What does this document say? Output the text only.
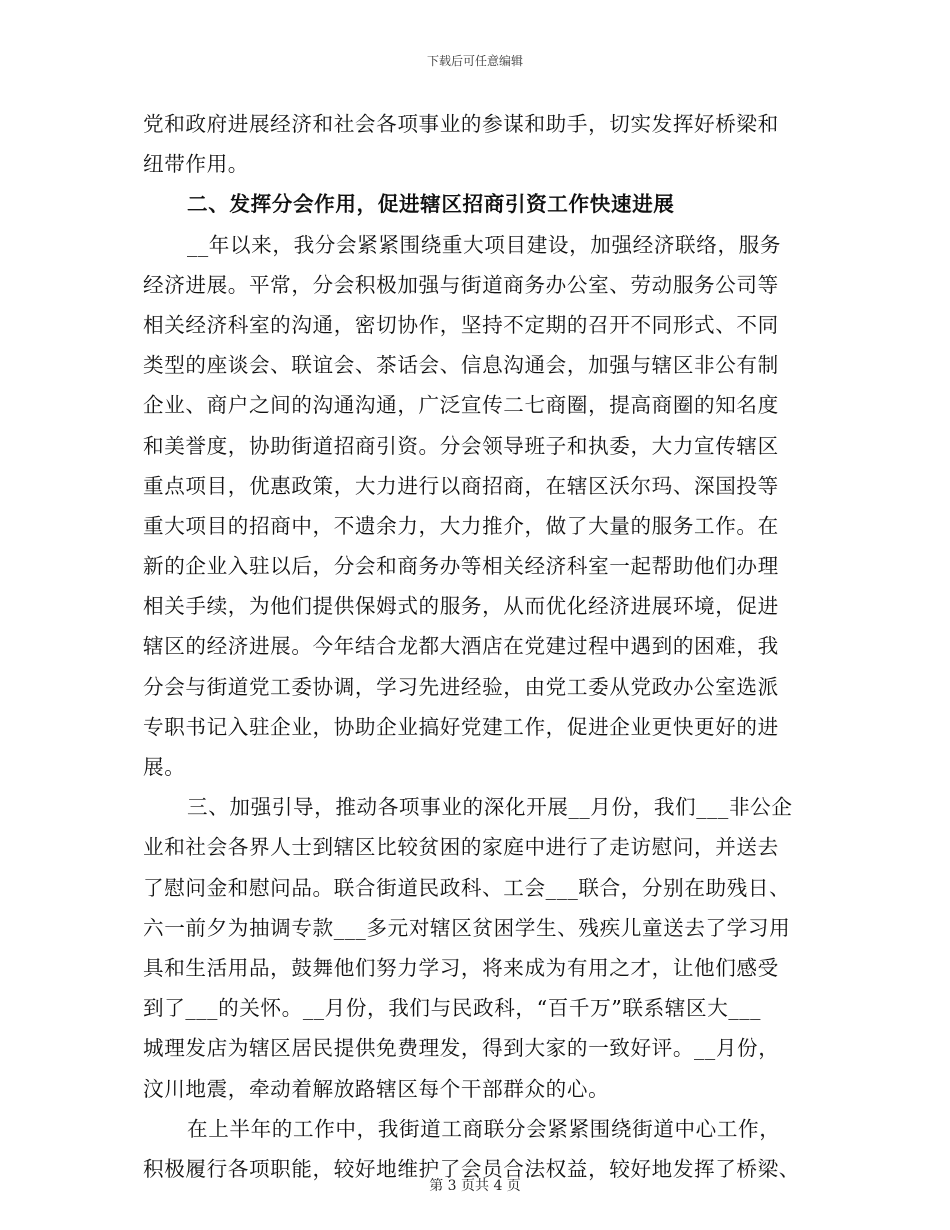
下载后可任意编辑
党和政府进展经济和社会各项事业的参谋和助手，切实发挥好桥梁和
纽带作用。
二、发挥分会作用，促进辖区招商引资工作快速进展
__年以来，我分会紧紧围绕重大项目建设，加强经济联络，服务
经济进展。平常，分会积极加强与街道商务办公室、劳动服务公司等
相关经济科室的沟通，密切协作，坚持不定期的召开不同形式、不同
类型的座谈会、联谊会、茶话会、信息沟通会，加强与辖区非公有制
企业、商户之间的沟通沟通，广泛宣传二七商圈，提高商圈的知名度
和美誉度，协助街道招商引资。分会领导班子和执委，大力宣传辖区
重点项目，优惠政策，大力进行以商招商，在辖区沃尔玛、深国投等
重大项目的招商中，不遗余力，大力推介，做了大量的服务工作。在
新的企业入驻以后，分会和商务办等相关经济科室一起帮助他们办理
相关手续，为他们提供保姆式的服务，从而优化经济进展环境，促进
辖区的经济进展。今年结合龙都大酒店在党建过程中遇到的困难，我
分会与街道党工委协调，学习先进经验，由党工委从党政办公室选派
专职书记入驻企业，协助企业搞好党建工作，促进企业更快更好的进
展。
三、加强引导，推动各项事业的深化开展__月份，我们___非公企
业和社会各界人士到辖区比较贫困的家庭中进行了走访慰问，并送去
了慰问金和慰问品。联合街道民政科、工会___联合，分别在助残日、
六一前夕为抽调专款___多元对辖区贫困学生、残疾儿童送去了学习用
具和生活用品，鼓舞他们努力学习，将来成为有用之才，让他们感受
到了___的关怀。__月份，我们与民政科，“百千万”联系辖区大___
城理发店为辖区居民提供免费理发，得到大家的一致好评。__月份，
汶川地震，牵动着解放路辖区每个干部群众的心。
在上半年的工作中，我街道工商联分会紧紧围绕街道中心工作，
积极履行各项职能，较好地维护了会员合法权益，较好地发挥了桥梁、
第 3 页共 4 页
